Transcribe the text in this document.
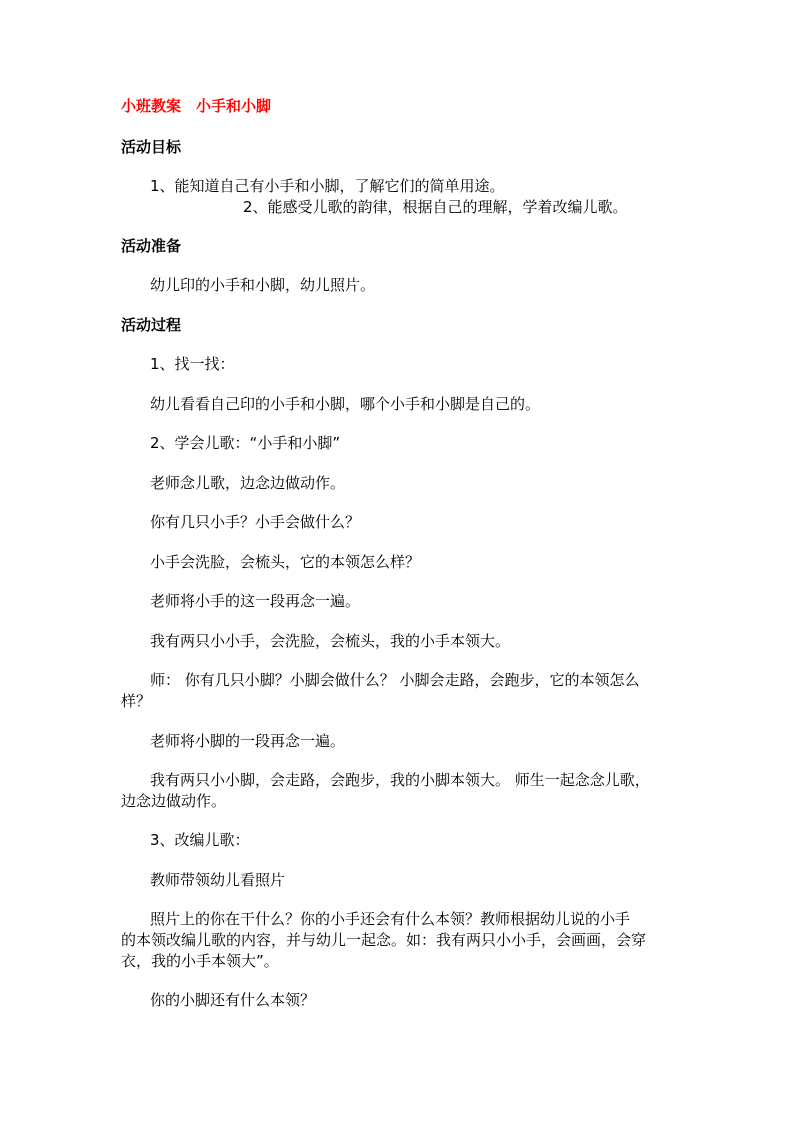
小班教案　小手和小脚
活动目标
1、能知道自己有小手和小脚，了解它们的简单用途。
2、能感受儿歌的韵律，根据自己的理解，学着改编儿歌。
活动准备
幼儿印的小手和小脚，幼儿照片。
活动过程
1、找一找：
幼儿看看自己印的小手和小脚，哪个小手和小脚是自己的。
2、学会儿歌：“小手和小脚”
老师念儿歌，边念边做动作。
你有几只小手？小手会做什么？
小手会洗脸，会梳头，它的本领怎么样？
老师将小手的这一段再念一遍。
我有两只小小手，会洗脸，会梳头，我的小手本领大。
师： 你有几只小脚？小脚会做什么？ 小脚会走路，会跑步，它的本领怎么
样？
老师将小脚的一段再念一遍。
我有两只小小脚，会走路，会跑步，我的小脚本领大。 师生一起念念儿歌，
边念边做动作。
3、改编儿歌：
教师带领幼儿看照片
照片上的你在干什么？你的小手还会有什么本领？教师根据幼儿说的小手
的本领改编儿歌的内容，并与幼儿一起念。如：我有两只小小手，会画画，会穿
衣，我的小手本领大”。
你的小脚还有什么本领？
